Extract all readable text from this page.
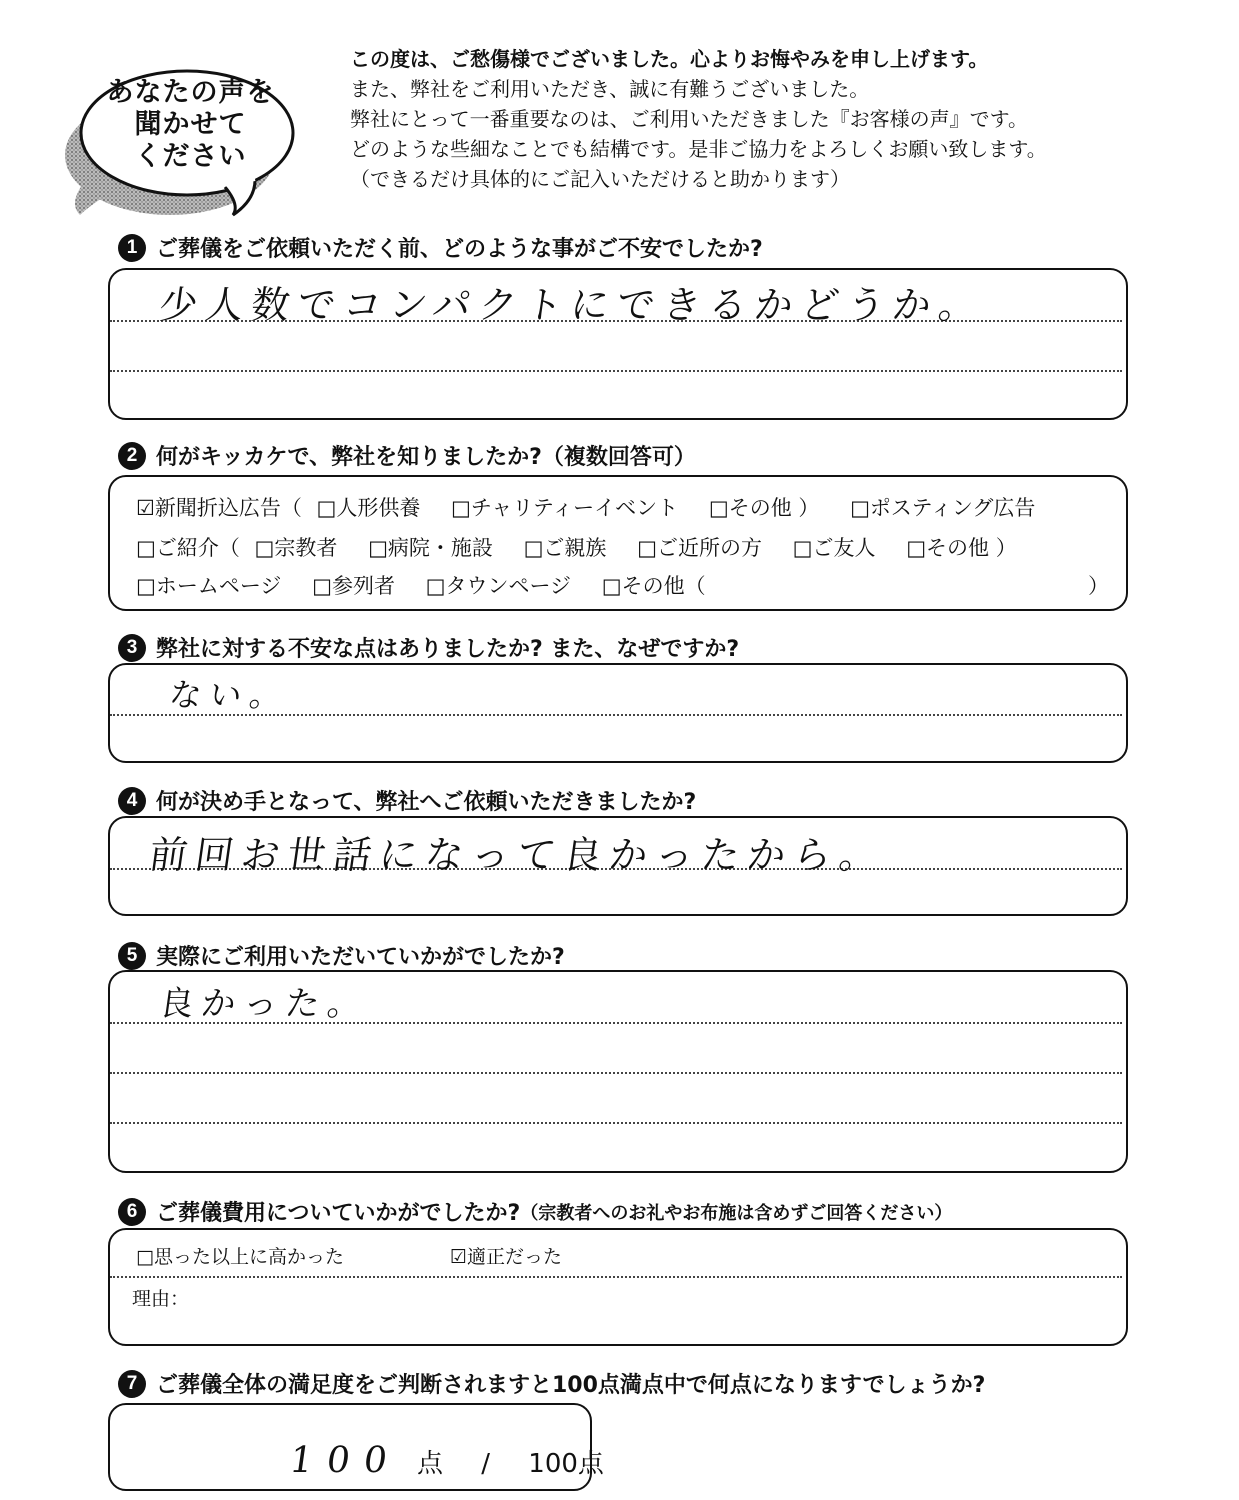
あなたの声を
聞かせて
ください
この度は、ご愁傷様でございました。心よりお悔やみを申し上げます。
また、弊社をご利用いただき、誠に有難うございました。
弊社にとって一番重要なのは、ご利用いただきました『お客様の声』です。
どのような些細なことでも結構です。是非ご協力をよろしくお願い致します。
（できるだけ具体的にご記入いただけると助かります）
1 ご葬儀をご依頼いただく前、どのような事がご不安でしたか?
少人数でコンパクトにできるかどうか。
2 何がキッカケで、弊社を知りましたか?（複数回答可）
☑新聞折込広告（ □人形供養 □チャリティーイベント □その他 ） □ポスティング広告
□ご紹介（ □宗教者 □病院・施設 □ご親族 □ご近所の方 □ご友人 □その他 ）
□ホームページ □参列者 □タウンページ □その他（	）
3 弊社に対する不安な点はありましたか? また、なぜですか?
ない。
4 何が決め手となって、弊社へご依頼いただきましたか?
前回お世話になって良かったから。
5 実際にご利用いただいていかがでしたか?
良かった。
6 ご葬儀費用についていかがでしたか? （宗教者へのお礼やお布施は含めずご回答ください）
□思った以上に高かった	☑適正だった
理由：
7 ご葬儀全体の満足度をご判断されますと100点満点中で何点になりますでしょうか?
100 点 / 100点
